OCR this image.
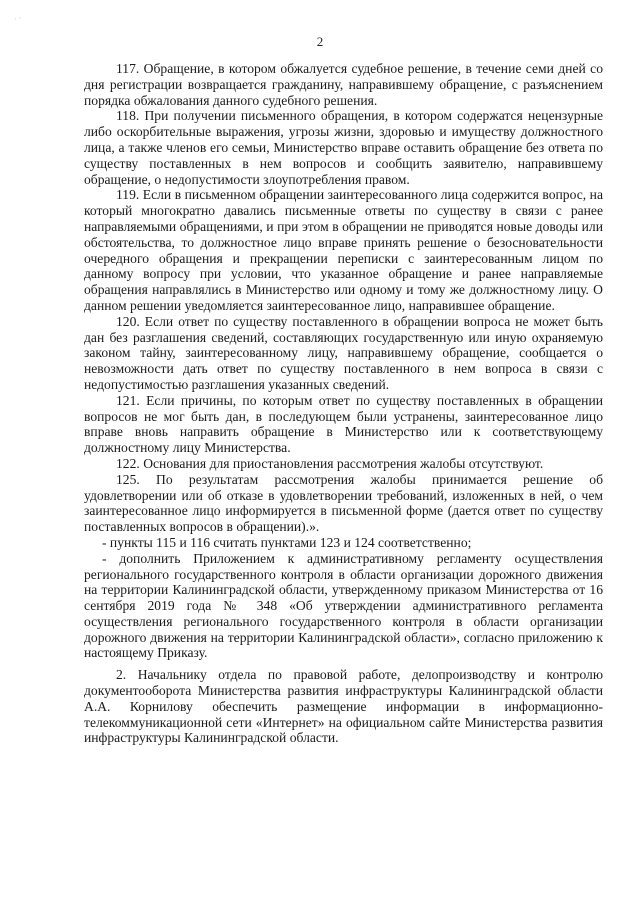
· ·
2

117. Обращение, в котором обжалуется судебное решение, в течение семи дней со дня регистрации возвращается гражданину, направившему обращение, с разъяснением порядка обжалования данного судебного решения.

118. При получении письменного обращения, в котором содержатся нецензурные либо оскорбительные выражения, угрозы жизни, здоровью и имуществу должностного лица, а также членов его семьи, Министерство вправе оставить обращение без ответа по существу поставленных в нем вопросов и сообщить заявителю, направившему обращение, о недопустимости злоупотребления правом.

119. Если в письменном обращении заинтересованного лица содержится вопрос, на который многократно давались письменные ответы по существу в связи с ранее направляемыми обращениями, и при этом в обращении не приводятся новые доводы или обстоятельства, то должностное лицо вправе принять решение о безосновательности очередного обращения и прекращении переписки с заинтересованным лицом по данному вопросу при условии, что указанное обращение и ранее направляемые обращения направлялись в Министерство или одному и тому же должностному лицу. О данном решении уведомляется заинтересованное лицо, направившее обращение.

120. Если ответ по существу поставленного в обращении вопроса не может быть дан без разглашения сведений, составляющих государственную или иную охраняемую законом тайну, заинтересованному лицу, направившему обращение, сообщается о невозможности дать ответ по существу поставленного в нем вопроса в связи с недопустимостью разглашения указанных сведений.

121. Если причины, по которым ответ по существу поставленных в обращении вопросов не мог быть дан, в последующем были устранены, заинтересованное лицо вправе вновь направить обращение в Министерство или к соответствующему должностному лицу Министерства.

122. Основания для приостановления рассмотрения жалобы отсутствуют.

125. По результатам рассмотрения жалобы принимается решение об удовлетворении или об отказе в удовлетворении требований, изложенных в ней, о чем заинтересованное лицо информируется в письменной форме (дается ответ по существу поставленных вопросов в обращении).».

- пункты 115 и 116 считать пунктами 123 и 124 соответственно;

- дополнить Приложением к административному регламенту осуществления регионального государственного контроля в области организации дорожного движения на территории Калининградской области, утвержденному приказом Министерства от 16 сентября 2019 года № 348 «Об утверждении административного регламента осуществления регионального государственного контроля в области организации дорожного движения на территории Калининградской области», согласно приложению к настоящему Приказу.

2. Начальнику отдела по правовой работе, делопроизводству и контролю документооборота Министерства развития инфраструктуры Калининградской области А.А. Корнилову обеспечить размещение информации в информационно-телекоммуникационной сети «Интернет» на официальном сайте Министерства развития инфраструктуры Калининградской области.
